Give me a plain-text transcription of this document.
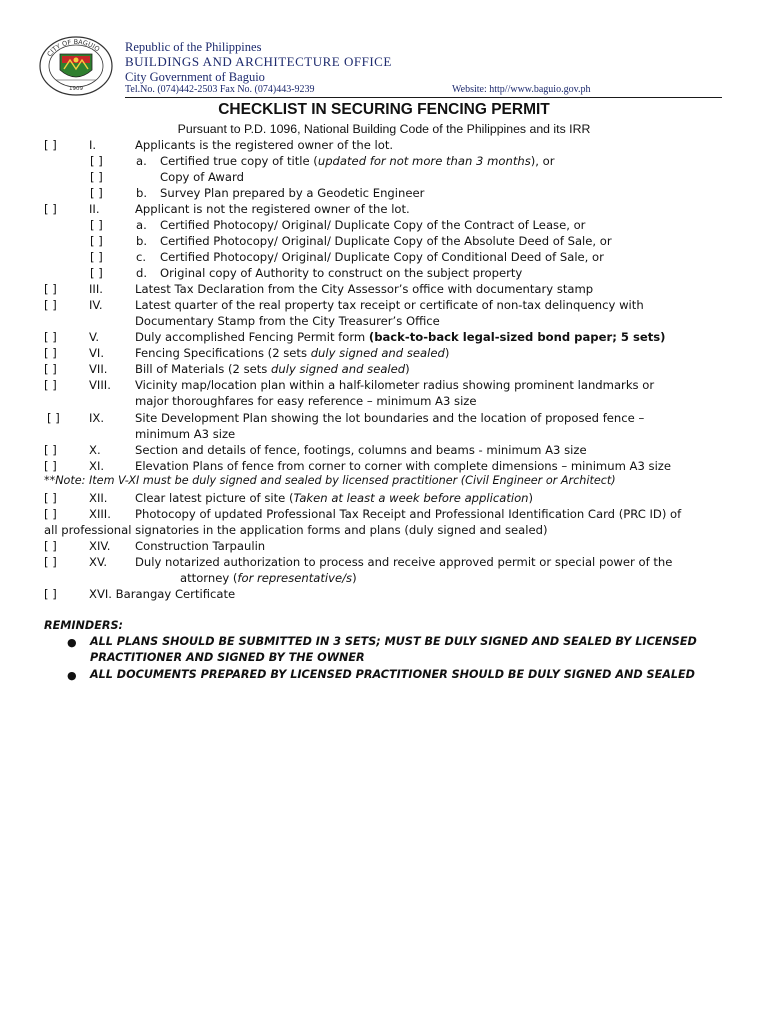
CITY OF BAGUIO
1909
Republic of the Philippines
BUILDINGS AND ARCHITECTURE OFFICE
City Government of Baguio
Tel.No. (074)442-2503 Fax No. (074)443-9239	Website: http//www.baguio.gov.ph
CHECKLIST IN SECURING FENCING PERMIT
Pursuant to P.D. 1096, National Building Code of the Philippines and its IRR
[ ]	I.	Applicants is the registered owner of the lot.
[ ]	a. Certified true copy of title (updated for not more than 3 months), or
[ ]	Copy of Award
[ ]	b. Survey Plan prepared by a Geodetic Engineer
[ ]	II.	Applicant is not the registered owner of the lot.
[ ]	a. Certified Photocopy/ Original/ Duplicate Copy of the Contract of Lease, or
[ ]	b. Certified Photocopy/ Original/ Duplicate Copy of the Absolute Deed of Sale, or
[ ]	c. Certified Photocopy/ Original/ Duplicate Copy of Conditional Deed of Sale, or
[ ]	d. Original copy of Authority to construct on the subject property
[ ]	III.	Latest Tax Declaration from the City Assessor’s office with documentary stamp
[ ]	IV.	Latest quarter of the real property tax receipt or certificate of non-tax delinquency with
Documentary Stamp from the City Treasurer’s Office
[ ]	V.	Duly accomplished Fencing Permit form (back-to-back legal-sized bond paper; 5 sets)
[ ]	VI.	Fencing Specifications (2 sets duly signed and sealed)
[ ]	VII. Bill of Materials (2 sets duly signed and sealed)
[ ]	VIII. Vicinity map/location plan within a half-kilometer radius showing prominent landmarks or
major thoroughfares for easy reference – minimum A3 size
[ ]	IX.	Site Development Plan showing the lot boundaries and the location of proposed fence –
minimum A3 size
[ ]	X.	Section and details of fence, footings, columns and beams - minimum A3 size
[ ]	XI.	Elevation Plans of fence from corner to corner with complete dimensions – minimum A3 size
**Note: Item V-XI must be duly signed and sealed by licensed practitioner (Civil Engineer or Architect)
[ ]	XII. Clear latest picture of site (Taken at least a week before application)
[ ]	XIII. Photocopy of updated Professional Tax Receipt and Professional Identification Card (PRC ID) of
all professional signatories in the application forms and plans (duly signed and sealed)
[ ]	XIV. Construction Tarpaulin
[ ]	XV. Duly notarized authorization to process and receive approved permit or special power of the
attorney (for representative/s)
[ ]	XVI. Barangay Certificate
REMINDERS:
● ALL PLANS SHOULD BE SUBMITTED IN 3 SETS; MUST BE DULY SIGNED AND SEALED BY LICENSED
PRACTITIONER AND SIGNED BY THE OWNER
● ALL DOCUMENTS PREPARED BY LICENSED PRACTITIONER SHOULD BE DULY SIGNED AND SEALED
